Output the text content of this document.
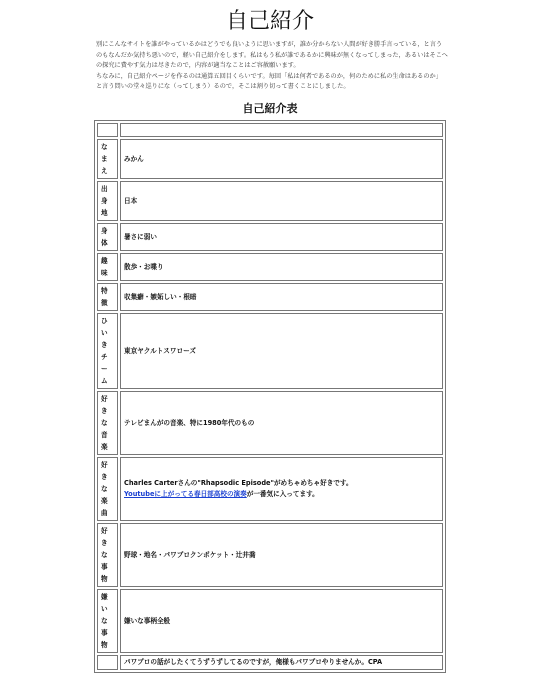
自己紹介

別にこんなサイトを誰がやっているかはどうでも良いように思いますが，誰か分からない人間が好き勝手言っている，と言うのもなんだか気持ち悪いので，軽い自己紹介をします。私はもう私が誰であるかに興味が無くなってしまった，あるいはそこへの探究に費やす気力は尽きたので，内容が適当なことはご容赦願います。

ちなみに，自己紹介ページを作るのは通算五回目くらいです。毎回「私は何者であるのか，何のために私の生命はあるのか」と言う問いの堂々巡りにな（ってしまう）るので，そこは割り切って書くことにしました。

自己紹介表

なまえ	みかん
出身地	日本
身体	暑さに弱い
趣味	散歩・お喋り
特徴	収集癖・嫉妬しい・根暗
ひいきチーム	東京ヤクルトスワローズ
好きな音楽	テレビまんがの音楽、特に1980年代のもの
好きな楽曲	Charles Carterさんの"Rhapsodic Episode"がめちゃめちゃ好きです。
Youtubeに上がってる春日部高校の演奏が一番気に入ってます。
好きな事物	野球・地名・パワプロクンポケット・辻井喬
嫌いな事物	嫌いな事柄全般
	パワプロの話がしたくてうずうずしてるのですが，俺様もパワプロやりませんか。CPA
